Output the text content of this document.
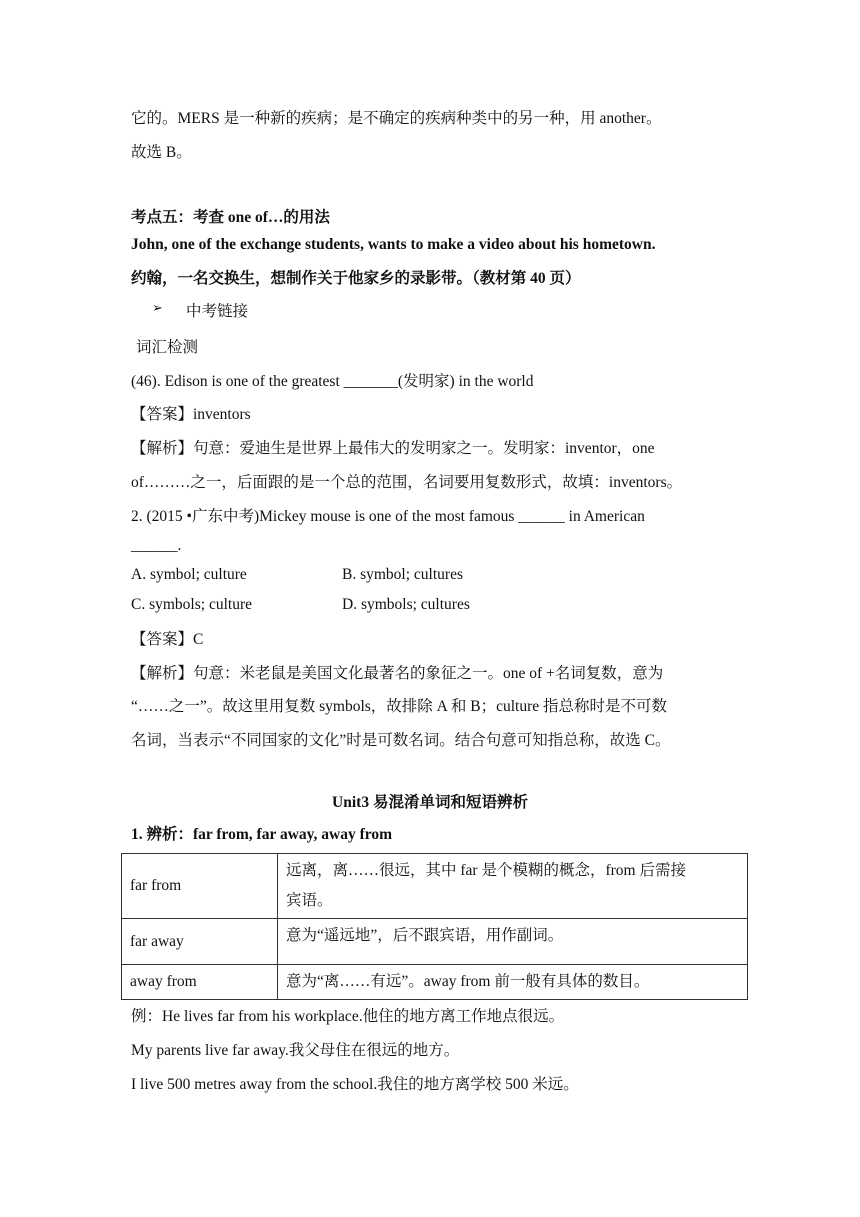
它的。MERS 是一种新的疾病；是不确定的疾病种类中的另一种，用 another。
故选 B。
考点五：考查 one of…的用法
John, one of the exchange students, wants to make a video about his hometown.
约翰，一名交换生，想制作关于他家乡的录影带。（教材第 40 页）
➢ 中考链接
词汇检测
(46). Edison is one of the greatest _______(发明家) in the world
【答案】inventors
【解析】句意：爱迪生是世界上最伟大的发明家之一。发明家：inventor，one
of………之一，后面跟的是一个总的范围，名词要用复数形式，故填：inventors。
2. (2015 •广东中考)Mickey mouse is one of the most famous ______ in American
______.
A. symbol; culture	B. symbol; cultures
C. symbols; culture	D. symbols; cultures
【答案】C
【解析】句意：米老鼠是美国文化最著名的象征之一。one of +名词复数，意为
“……之一”。故这里用复数 symbols，故排除 A 和 B；culture 指总称时是不可数
名词，当表示“不同国家的文化”时是可数名词。结合句意可知指总称，故选 C。
Unit3 易混淆单词和短语辨析
1. 辨析：far from, far away, away from
far from	远离，离……很远，其中 far 是个模糊的概念，from 后需接
宾语。

far away	意为“遥远地”，后不跟宾语，用作副词。
away from	意为“离……有远”。away from 前一般有具体的数目。
例：He lives far from his workplace.他住的地方离工作地点很远。
My parents live far away.我父母住在很远的地方。
I live 500 metres away from the school.我住的地方离学校 500 米远。
